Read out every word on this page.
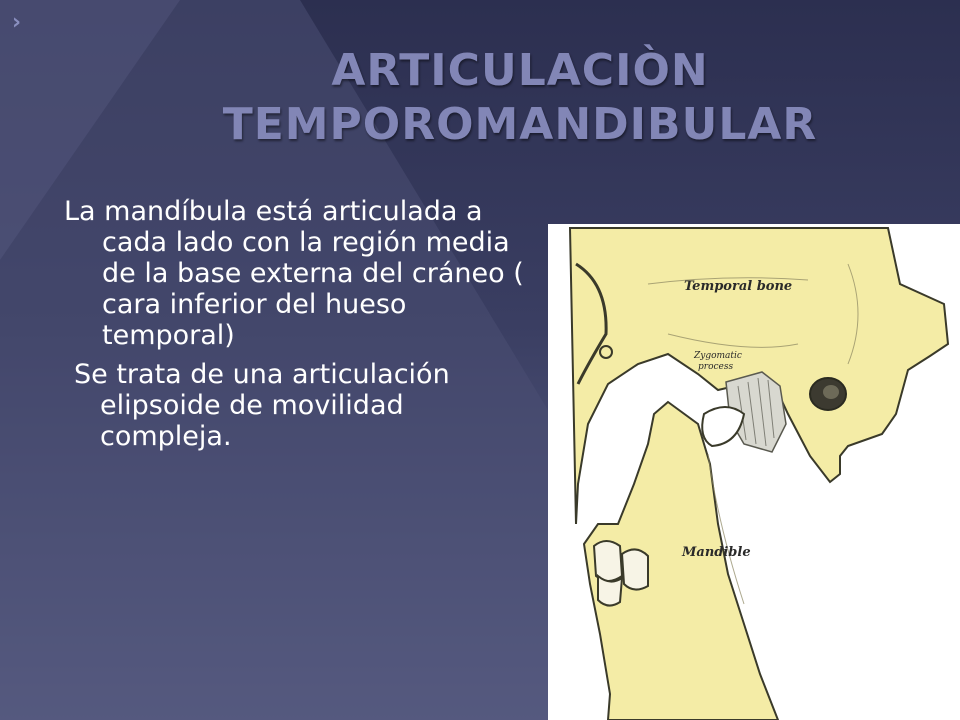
›
ARTICULACIÒN
TEMPOROMANDIBULAR

La mandíbula está articulada a cada lado con la región media de la base externa del cráneo ( cara inferior del hueso temporal)

Se trata de una articulación elipsoide de movilidad compleja.

Temporal bone
Zygomatic
process
Mandible
